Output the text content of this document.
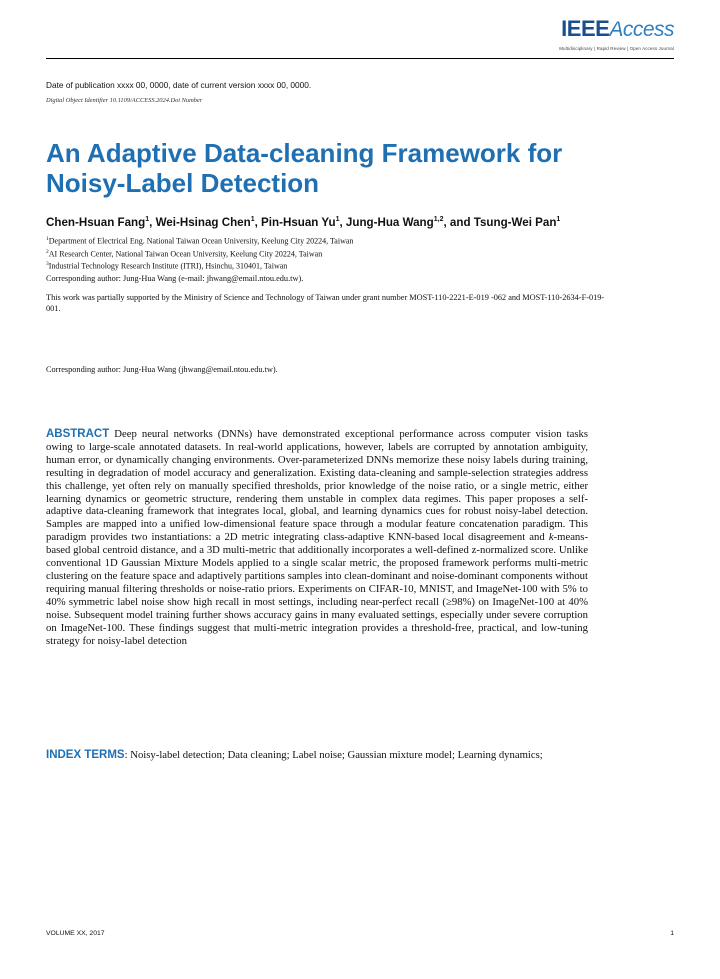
IEEEAccess
Multidisciplinary | Rapid Review | Open Access Journal
Date of publication xxxx 00, 0000, date of current version xxxx 00, 0000.
Digital Object Identifier 10.1109/ACCESS.2024.Doi Number
An Adaptive Data-cleaning Framework for
Noisy-Label Detection
Chen-Hsuan Fang$^1$, Wei-Hsinag Chen$^1$, Pin-Hsuan Yu$^1$, Jung-Hua Wang$^{1,2}$, and Tsung-Wei Pan$^1$
$^1$Department of Electrical Eng. National Taiwan Ocean University, Keelung City 20224, Taiwan
$^2$AI Research Center, National Taiwan Ocean University, Keelung City 20224, Taiwan
$^3$Industrial Technology Research Institute (ITRI), Hsinchu, 310401, Taiwan
Corresponding author: Jung-Hua Wang (e-mail: jhwang@email.ntou.edu.tw).
This work was partially supported by the Ministry of Science and Technology of Taiwan under grant number MOST-110-2221-E-019 -062 and MOST-110-2634-F-019-001.
Corresponding author: Jung-Hua Wang (jhwang@email.ntou.edu.tw).
ABSTRACT Deep neural networks (DNNs) have demonstrated exceptional performance across computer vision tasks owing to large-scale annotated datasets. In real-world applications, however, labels are corrupted by annotation ambiguity, human error, or dynamically changing environments. Over-parameterized DNNs memorize these noisy labels during training, resulting in degradation of model accuracy and generalization. Existing data-cleaning and sample-selection strategies address this challenge, yet often rely on manually specified thresholds, prior knowledge of the noise ratio, or a single metric, either learning dynamics or geometric structure, rendering them unstable in complex data regimes. This paper proposes a self-adaptive data-cleaning framework that integrates local, global, and learning dynamics cues for robust noisy-label detection. Samples are mapped into a unified low-dimensional feature space through a modular feature concatenation paradigm. This paradigm provides two instantiations: a 2D metric integrating class-adaptive KNN-based local disagreement and k-means-based global centroid distance, and a 3D multi-metric that additionally incorporates a well-defined z-normalized score. Unlike conventional 1D Gaussian Mixture Models applied to a single scalar metric, the proposed framework performs multi-metric clustering on the feature space and adaptively partitions samples into clean-dominant and noise-dominant components without requiring manual filtering thresholds or noise-ratio priors. Experiments on CIFAR-10, MNIST, and ImageNet-100 with 5% to 40% symmetric label noise show high recall in most settings, including near-perfect recall (≥98%) on ImageNet-100 at 40% noise. Subsequent model training further shows accuracy gains in many evaluated settings, especially under severe corruption on ImageNet-100. These findings suggest that multi-metric integration provides a threshold-free, practical, and low-tuning strategy for noisy-label detection
INDEX TERMS: Noisy-label detection; Data cleaning; Label noise; Gaussian mixture model; Learning dynamics;
VOLUME XX, 2017	1
